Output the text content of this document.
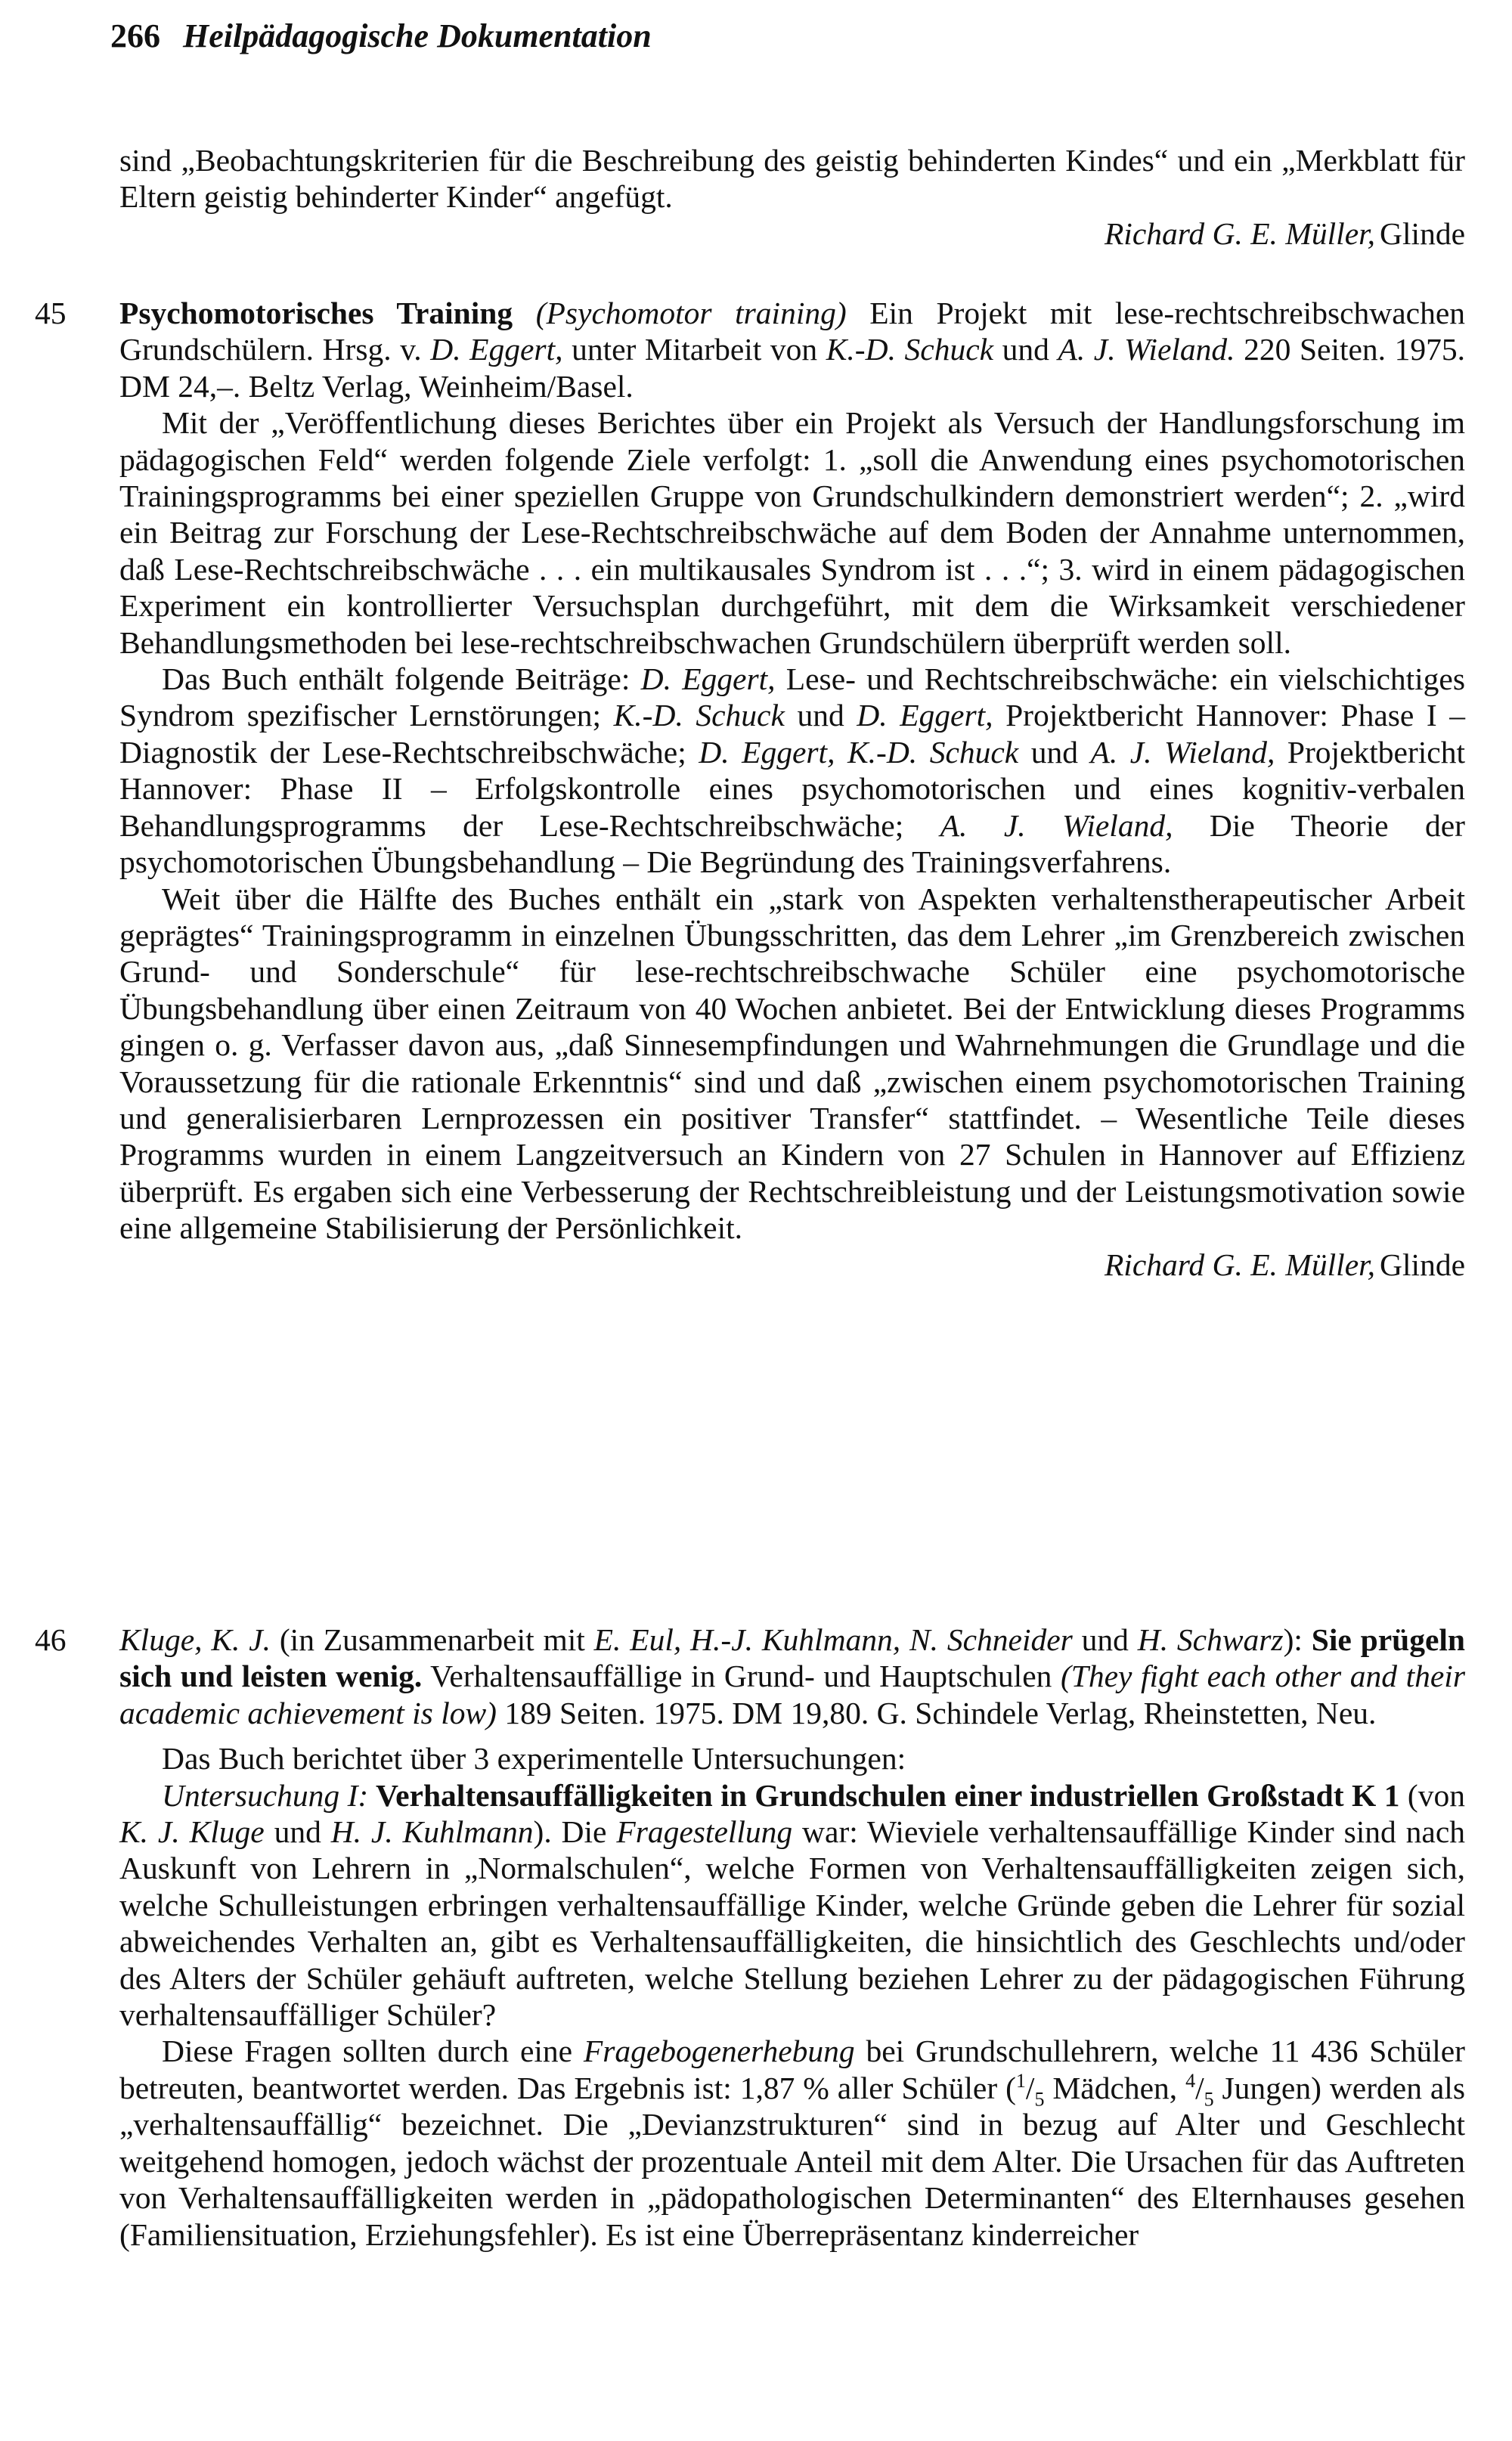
266 Heilpädagogische Dokumentation

sind „Beobachtungskriterien für die Beschreibung des geistig behinderten Kindes“ und ein „Merkblatt für Eltern geistig behinderter Kinder“ angefügt.

Richard G. E. Müller, Glinde

45 Psychomotorisches Training (Psychomotor training) Ein Projekt mit lese-rechtschreibschwachen Grundschülern. Hrsg. v. D. Eggert, unter Mitarbeit von K.-D. Schuck und A. J. Wieland. 220 Seiten. 1975. DM 24,–. Beltz Verlag, Weinheim/Basel.

Mit der „Veröffentlichung dieses Berichtes über ein Projekt als Versuch der Handlungsforschung im pädagogischen Feld“ werden folgende Ziele verfolgt: 1. „soll die Anwendung eines psychomotorischen Trainingsprogramms bei einer speziellen Gruppe von Grundschulkindern demonstriert werden“; 2. „wird ein Beitrag zur Forschung der Lese-Rechtschreibschwäche auf dem Boden der Annahme unternommen, daß Lese-Rechtschreibschwäche . . . ein multikausales Syndrom ist . . .“; 3. wird in einem pädagogischen Experiment ein kontrollierter Versuchsplan durchgeführt, mit dem die Wirksamkeit verschiedener Behandlungsmethoden bei lese-rechtschreibschwachen Grundschülern überprüft werden soll.

Das Buch enthält folgende Beiträge: D. Eggert, Lese- und Rechtschreibschwäche: ein vielschichtiges Syndrom spezifischer Lernstörungen; K.-D. Schuck und D. Eggert, Projektbericht Hannover: Phase I – Diagnostik der Lese-Rechtschreibschwäche; D. Eggert, K.-D. Schuck und A. J. Wieland, Projektbericht Hannover: Phase II – Erfolgskontrolle eines psychomotorischen und eines kognitiv-verbalen Behandlungsprogramms der Lese-Rechtschreibschwäche; A. J. Wieland, Die Theorie der psychomotorischen Übungsbehandlung – Die Begründung des Trainingsverfahrens.

Weit über die Hälfte des Buches enthält ein „stark von Aspekten verhaltenstherapeutischer Arbeit geprägtes“ Trainingsprogramm in einzelnen Übungsschritten, das dem Lehrer „im Grenzbereich zwischen Grund- und Sonderschule“ für lese-rechtschreibschwache Schüler eine psychomotorische Übungsbehandlung über einen Zeitraum von 40 Wochen anbietet. Bei der Entwicklung dieses Programms gingen o. g. Verfasser davon aus, „daß Sinnesempfindungen und Wahrnehmungen die Grundlage und die Voraussetzung für die rationale Erkenntnis“ sind und daß „zwischen einem psychomotorischen Training und generalisierbaren Lernprozessen ein positiver Transfer“ stattfindet. – Wesentliche Teile dieses Programms wurden in einem Langzeitversuch an Kindern von 27 Schulen in Hannover auf Effizienz überprüft. Es ergaben sich eine Verbesserung der Rechtschreibleistung und der Leistungsmotivation sowie eine allgemeine Stabilisierung der Persönlichkeit.

Richard G. E. Müller, Glinde

46 Kluge, K. J. (in Zusammenarbeit mit E. Eul, H.-J. Kuhlmann, N. Schneider und H. Schwarz): Sie prügeln sich und leisten wenig. Verhaltensauffällige in Grund- und Hauptschulen (They fight each other and their academic achievement is low) 189 Seiten. 1975. DM 19,80. G. Schindele Verlag, Rheinstetten, Neu.

Das Buch berichtet über 3 experimentelle Untersuchungen:

Untersuchung I: Verhaltensauffälligkeiten in Grundschulen einer industriellen Großstadt K 1 (von K. J. Kluge und H. J. Kuhlmann). Die Fragestellung war: Wieviele verhaltensauffällige Kinder sind nach Auskunft von Lehrern in „Normalschulen“, welche Formen von Verhaltensauffälligkeiten zeigen sich, welche Schulleistungen erbringen verhaltensauffällige Kinder, welche Gründe geben die Lehrer für sozial abweichendes Verhalten an, gibt es Verhaltensauffälligkeiten, die hinsichtlich des Geschlechts und/oder des Alters der Schüler gehäuft auftreten, welche Stellung beziehen Lehrer zu der pädagogischen Führung verhaltensauffälliger Schüler?

Diese Fragen sollten durch eine Fragebogenerhebung bei Grundschullehrern, welche 11 436 Schüler betreuten, beantwortet werden. Das Ergebnis ist: 1,87 % aller Schüler ($^1/_5$ Mädchen, $^4/_5$ Jungen) werden als „verhaltensauffällig“ bezeichnet. Die „Devianzstrukturen“ sind in bezug auf Alter und Geschlecht weitgehend homogen, jedoch wächst der prozentuale Anteil mit dem Alter. Die Ursachen für das Auftreten von Verhaltensauffälligkeiten werden in „pädopathologischen Determinanten“ des Elternhauses gesehen (Familiensituation, Erziehungsfehler). Es ist eine Überrepräsentanz kinderreicher
